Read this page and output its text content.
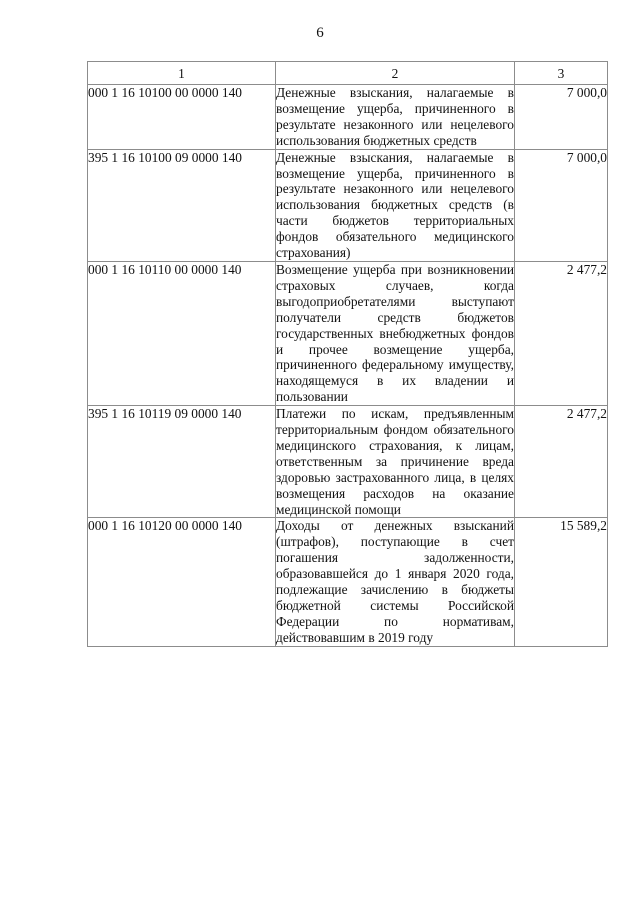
6
1	2	3
000 1 16 10100 00 0000 140	Денежные взыскания, налагаемые в возмещение ущерба, причиненного в результате незаконного или нецелевого использования бюджетных средств	7 000,0
395 1 16 10100 09 0000 140	Денежные взыскания, налагаемые в возмещение ущерба, причиненного в результате незаконного или нецелевого использования бюджетных средств (в части бюджетов территориальных фондов обязательного медицинского страхования)	7 000,0
000 1 16 10110 00 0000 140	Возмещение ущерба при возникновении страховых случаев, когда выгодоприобретателями выступают получатели средств бюджетов государственных внебюджетных фондов и прочее возмещение ущерба, причиненного федеральному имуществу, находящемуся в их владении и пользовании	2 477,2
395 1 16 10119 09 0000 140	Платежи по искам, предъявленным территориальным фондом обязательного медицинского страхования, к лицам, ответственным за причинение вреда здоровью застрахованного лица, в целях возмещения расходов на оказание медицинской помощи	2 477,2
000 1 16 10120 00 0000 140	Доходы от денежных взысканий (штрафов), поступающие в счет погашения задолженности, образовавшейся до 1 января 2020 года, подлежащие зачислению в бюджеты бюджетной системы Российской Федерации по нормативам, действовавшим в 2019 году	15 589,2
